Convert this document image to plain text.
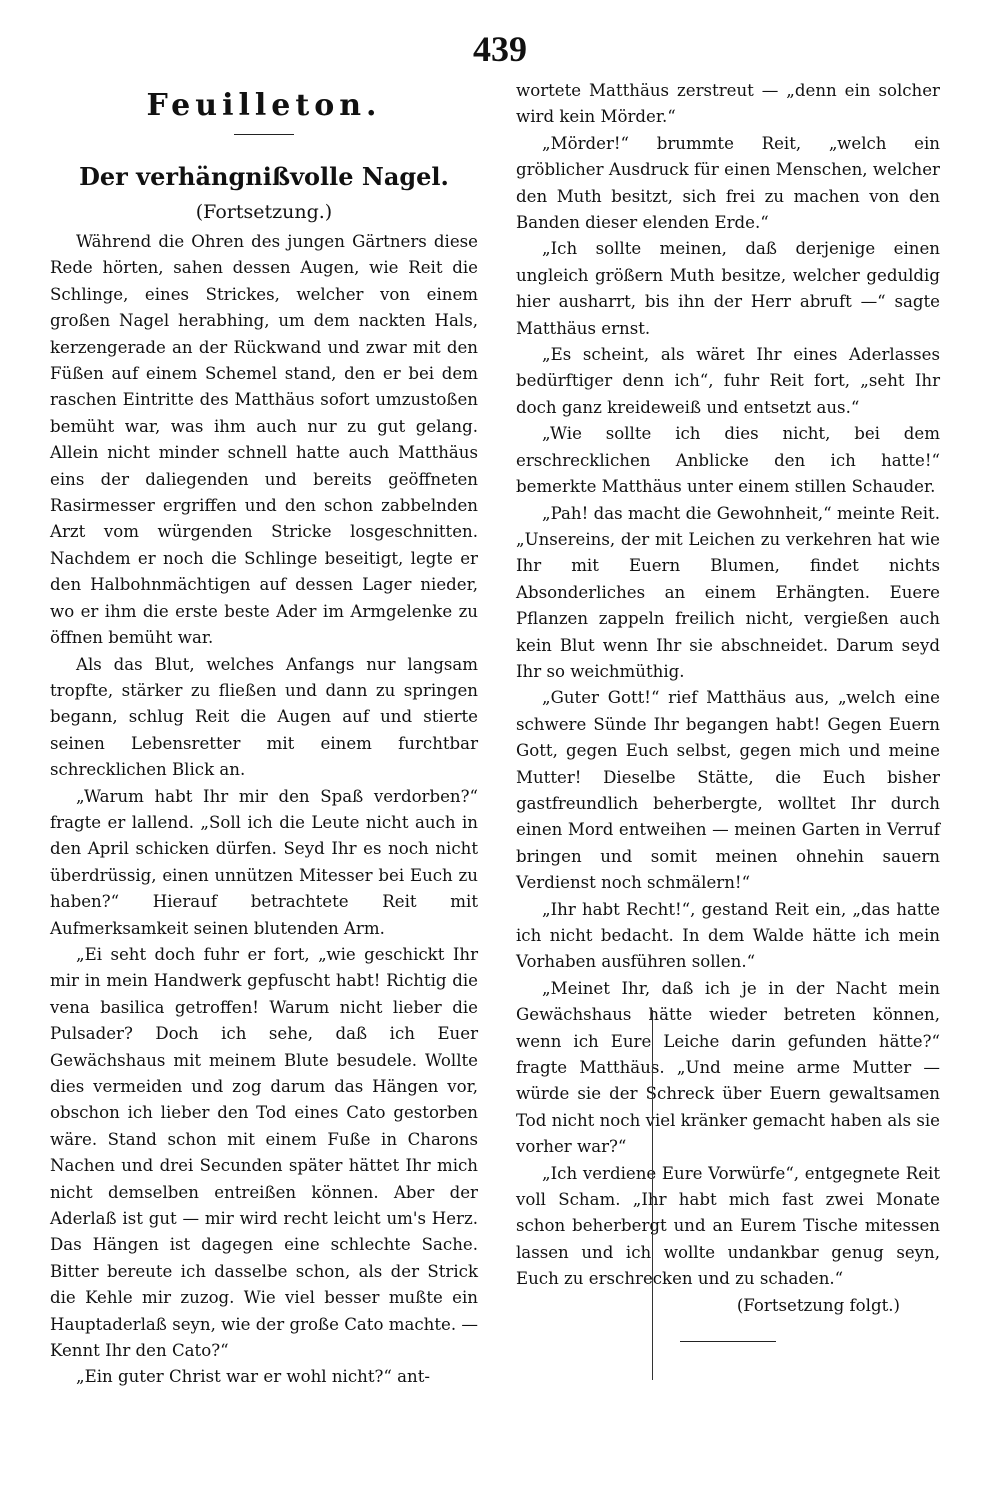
439
Feuilleton.
Der verhängnißvolle Nagel.
(Fortsetzung.)

Während die Ohren des jungen Gärtners diese Rede hörten, sahen dessen Augen, wie Reit die Schlinge, eines Strickes, welcher von einem großen Nagel herabhing, um dem nackten Hals, kerzengerade an der Rückwand und zwar mit den Füßen auf einem Schemel stand, den er bei dem raschen Eintritte des Matthäus sofort umzustoßen bemüht war, was ihm auch nur zu gut gelang. Allein nicht minder schnell hatte auch Matthäus eins der daliegenden und bereits geöffneten Rasirmesser ergriffen und den schon zabbelnden Arzt vom würgenden Stricke losgeschnitten. Nachdem er noch die Schlinge beseitigt, legte er den Halbohnmächtigen auf dessen Lager nieder, wo er ihm die erste beste Ader im Armgelenke zu öffnen bemüht war.

Als das Blut, welches Anfangs nur langsam tropfte, stärker zu fließen und dann zu springen begann, schlug Reit die Augen auf und stierte seinen Lebensretter mit einem furchtbar schrecklichen Blick an.

„Warum habt Ihr mir den Spaß verdorben?“ fragte er lallend. „Soll ich die Leute nicht auch in den April schicken dürfen. Seyd Ihr es noch nicht überdrüssig, einen unnützen Mitesser bei Euch zu haben?“ Hierauf betrachtete Reit mit Aufmerksamkeit seinen blutenden Arm.

„Ei seht doch fuhr er fort, „wie geschickt Ihr mir in mein Handwerk gepfuscht habt! Richtig die vena basilica getroffen! Warum nicht lieber die Pulsader? Doch ich sehe, daß ich Euer Gewächshaus mit meinem Blute besudele. Wollte dies vermeiden und zog darum das Hängen vor, obschon ich lieber den Tod eines Cato gestorben wäre. Stand schon mit einem Fuße in Charons Nachen und drei Secunden später hättet Ihr mich nicht demselben entreißen können. Aber der Aderlaß ist gut — mir wird recht leicht um's Herz. Das Hängen ist dagegen eine schlechte Sache. Bitter bereute ich dasselbe schon, als der Strick die Kehle mir zuzog. Wie viel besser mußte ein Hauptaderlaß seyn, wie der große Cato machte. — Kennt Ihr den Cato?“

„Ein guter Christ war er wohl nicht?“ ant-

wortete Matthäus zerstreut — „denn ein solcher wird kein Mörder.“

„Mörder!“ brummte Reit, „welch ein gröblicher Ausdruck für einen Menschen, welcher den Muth besitzt, sich frei zu machen von den Banden dieser elenden Erde.“

„Ich sollte meinen, daß derjenige einen ungleich größern Muth besitze, welcher geduldig hier ausharrt, bis ihn der Herr abruft —“ sagte Matthäus ernst.

„Es scheint, als wäret Ihr eines Aderlasses bedürftiger denn ich“, fuhr Reit fort, „seht Ihr doch ganz kreideweiß und entsetzt aus.“

„Wie sollte ich dies nicht, bei dem erschrecklichen Anblicke den ich hatte!“ bemerkte Matthäus unter einem stillen Schauder.

„Pah! das macht die Gewohnheit,“ meinte Reit. „Unsereins, der mit Leichen zu verkehren hat wie Ihr mit Euern Blumen, findet nichts Absonderliches an einem Erhängten. Euere Pflanzen zappeln freilich nicht, vergießen auch kein Blut wenn Ihr sie abschneidet. Darum seyd Ihr so weichmüthig.

„Guter Gott!“ rief Matthäus aus, „welch eine schwere Sünde Ihr begangen habt! Gegen Euern Gott, gegen Euch selbst, gegen mich und meine Mutter! Dieselbe Stätte, die Euch bisher gastfreundlich beherbergte, wolltet Ihr durch einen Mord entweihen — meinen Garten in Verruf bringen und somit meinen ohnehin sauern Verdienst noch schmälern!“

„Ihr habt Recht!“, gestand Reit ein, „das hatte ich nicht bedacht. In dem Walde hätte ich mein Vorhaben ausführen sollen.“

„Meinet Ihr, daß ich je in der Nacht mein Gewächshaus hätte wieder betreten können, wenn ich Eure Leiche darin gefunden hätte?“ fragte Matthäus. „Und meine arme Mutter — würde sie der Schreck über Euern gewaltsamen Tod nicht noch viel kränker gemacht haben als sie vorher war?“

„Ich verdiene Eure Vorwürfe“, entgegnete Reit voll Scham. „Ihr habt mich fast zwei Monate schon beherbergt und an Eurem Tische mitessen lassen und ich wollte undankbar genug seyn, Euch zu erschrecken und zu schaden.“

(Fortsetzung folgt.)
